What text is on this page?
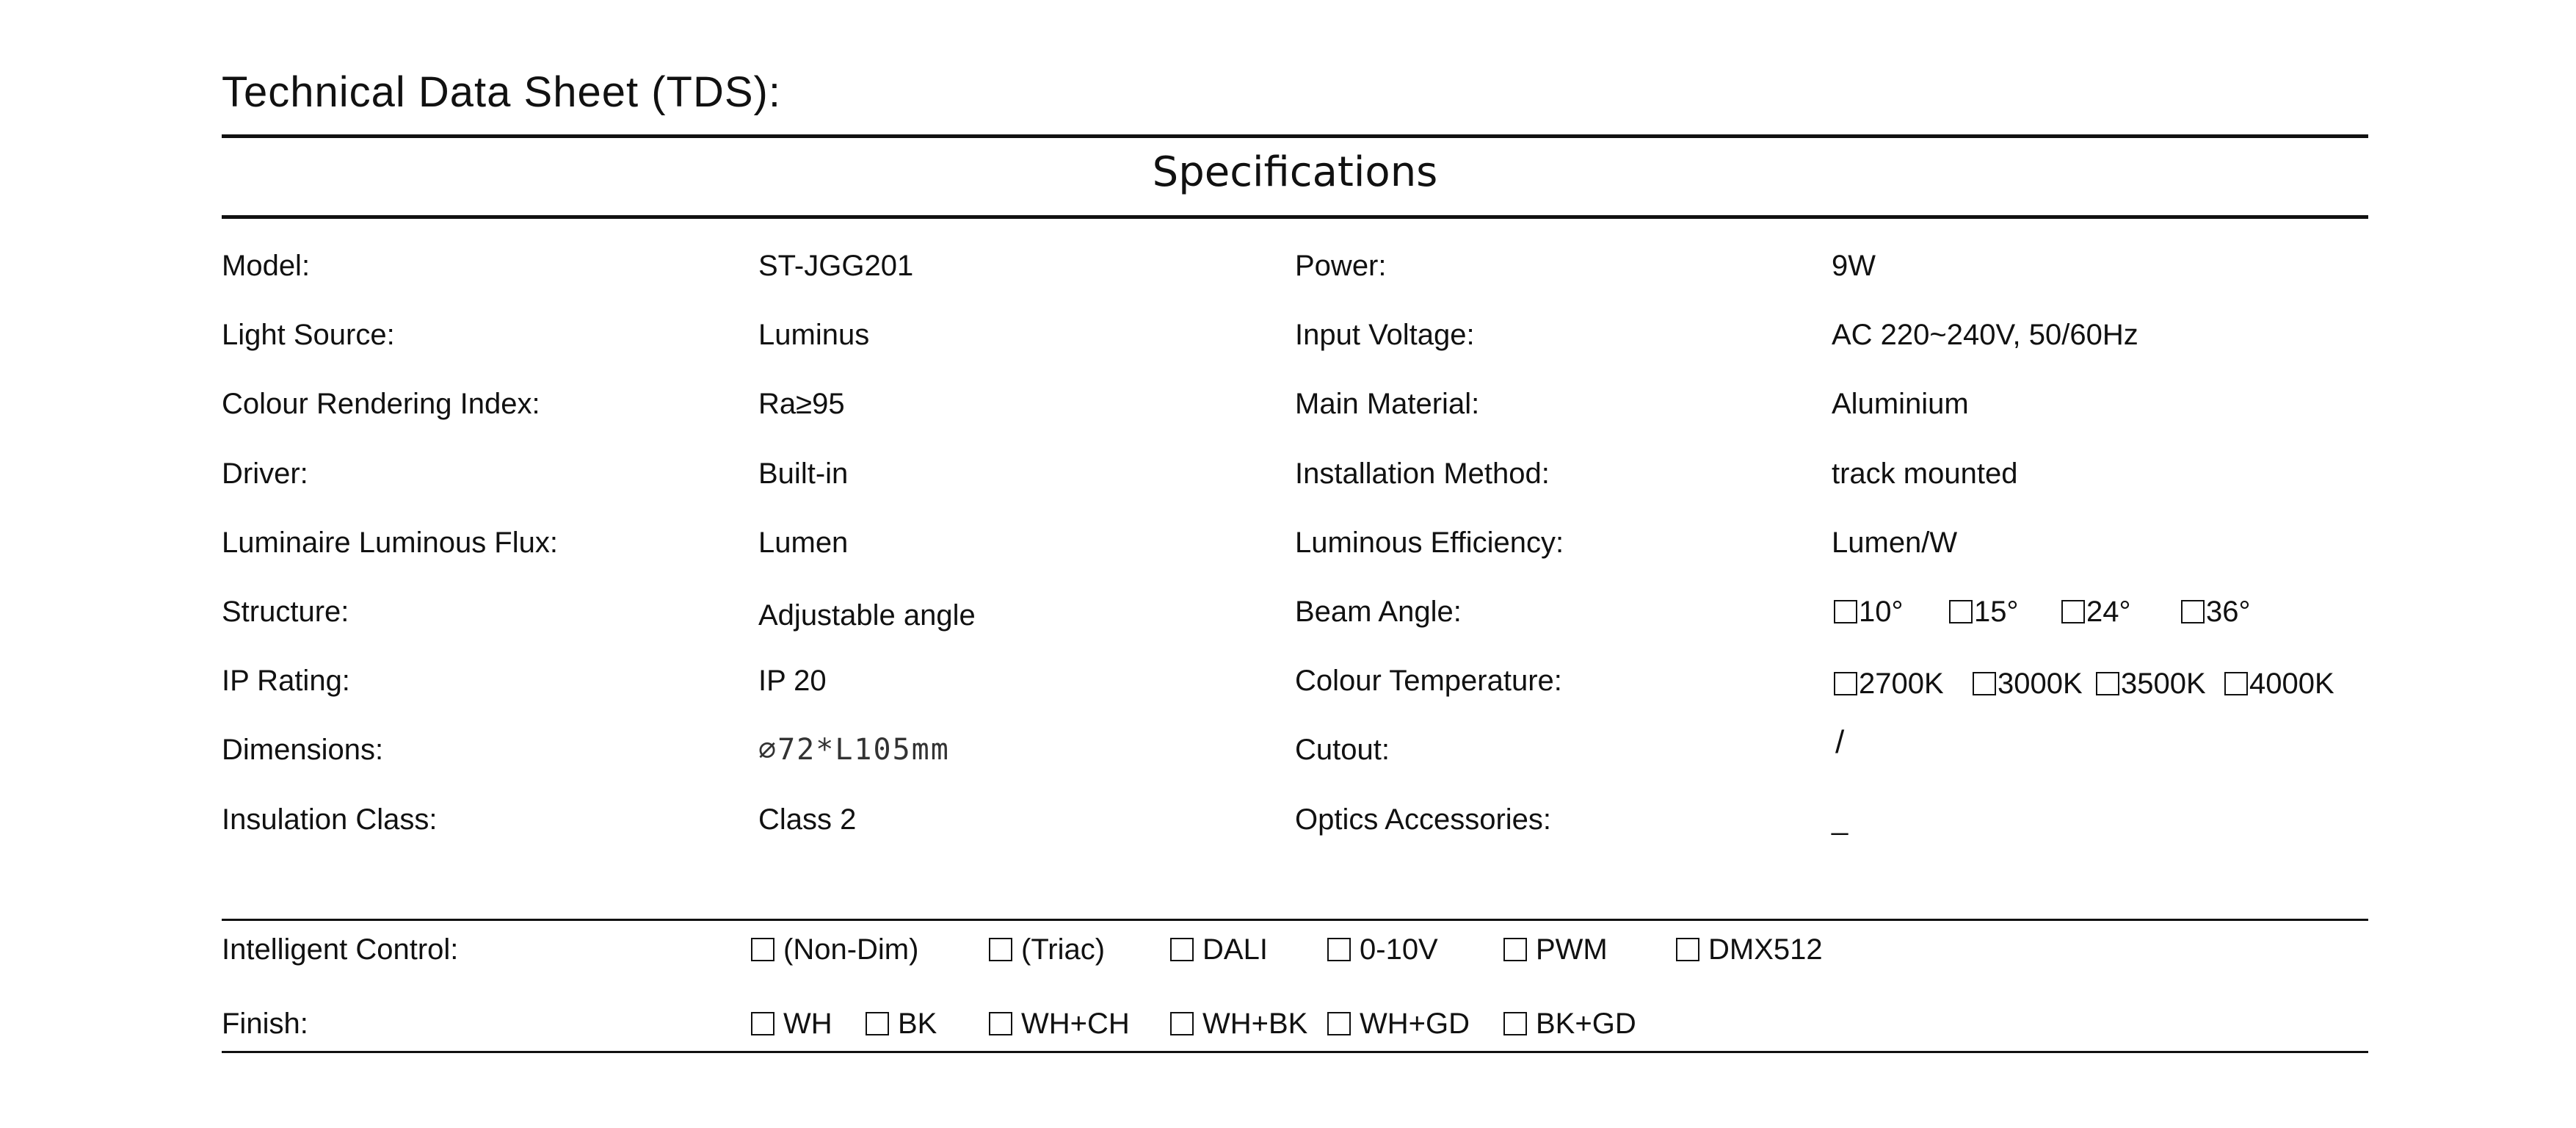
Technical Data Sheet (TDS):
Specifications
Model:	ST-JGG201
Light Source:	Luminus
Colour Rendering Index:	Ra≥95
Driver:	Built-in
Luminaire Luminous Flux:	Lumen
Structure:	Adjustable angle
IP Rating:	IP 20
Dimensions:	∅72*L105mm
Insulation Class:	Class 2
Power:	9W
Input Voltage:	AC 220~240V, 50/60Hz
Main Material:	Aluminium
Installation Method:	track mounted
Luminous Efficiency:	Lumen/W
Beam Angle:	10° 15° 24°	36°
Colour Temperature:	2700K 3000K 3500K 4000K
Cutout:	/
Optics Accessories:	_
Intelligent Control:	(Non-Dim)	(Triac)	DALI	0-10V	PWM	DMX512
Finish:	WH BK	WH+CH WH+BK WH+GD BK+GD
